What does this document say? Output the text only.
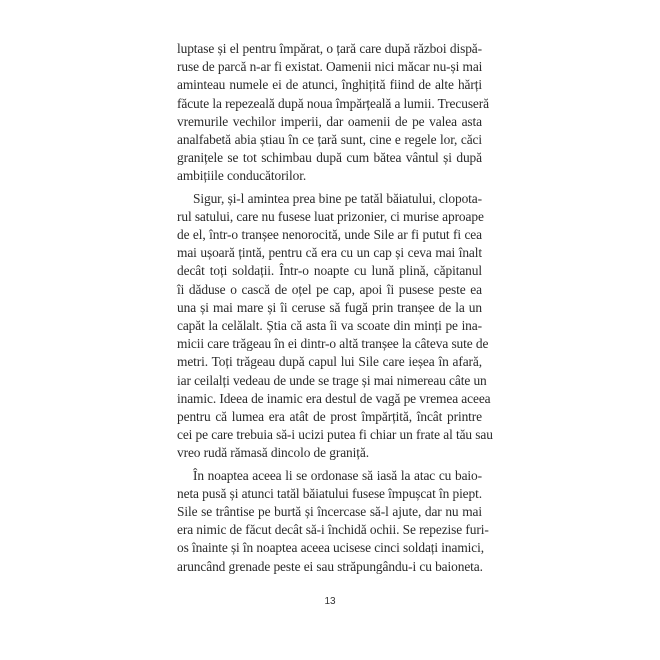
luptase și el pentru împărat, o țară care după război dispă-
ruse de parcă n-ar fi existat. Oamenii nici măcar nu-și mai
aminteau numele ei de atunci, înghițită fiind de alte hărți
făcute la repezeală după noua împărțeală a lumii. Trecuseră
vremurile vechilor imperii, dar oamenii de pe valea asta
analfabetă abia știau în ce țară sunt, cine e regele lor, căci
granițele se tot schimbau după cum bătea vântul și după
ambițiile conducătorilor.

Sigur, și-l amintea prea bine pe tatăl băiatului, clopota-
rul satului, care nu fusese luat prizonier, ci murise aproape
de el, într-o tranșee nenorocită, unde Sile ar fi putut fi cea
mai ușoară țintă, pentru că era cu un cap și ceva mai înalt
decât toți soldații. Într-o noapte cu lună plină, căpitanul
îi dăduse o cască de oțel pe cap, apoi îi pusese peste ea
una și mai mare și îi ceruse să fugă prin tranșee de la un
capăt la celălalt. Știa că asta îi va scoate din minți pe ina-
micii care trăgeau în ei dintr-o altă tranșee la câteva sute de
metri. Toți trăgeau după capul lui Sile care ieșea în afară,
iar ceilalți vedeau de unde se trage și mai nimereau câte un
inamic. Ideea de inamic era destul de vagă pe vremea aceea
pentru că lumea era atât de prost împărțită, încât printre
cei pe care trebuia să-i ucizi putea fi chiar un frate al tău sau
vreo rudă rămasă dincolo de graniță.

În noaptea aceea li se ordonase să iasă la atac cu baio-
neta pusă și atunci tatăl băiatului fusese împușcat în piept.
Sile se trântise pe burtă și încercase să-l ajute, dar nu mai
era nimic de făcut decât să-i închidă ochii. Se repezise furi-
os înainte și în noaptea aceea ucisese cinci soldați inamici,
aruncând grenade peste ei sau străpungându-i cu baioneta.

13
